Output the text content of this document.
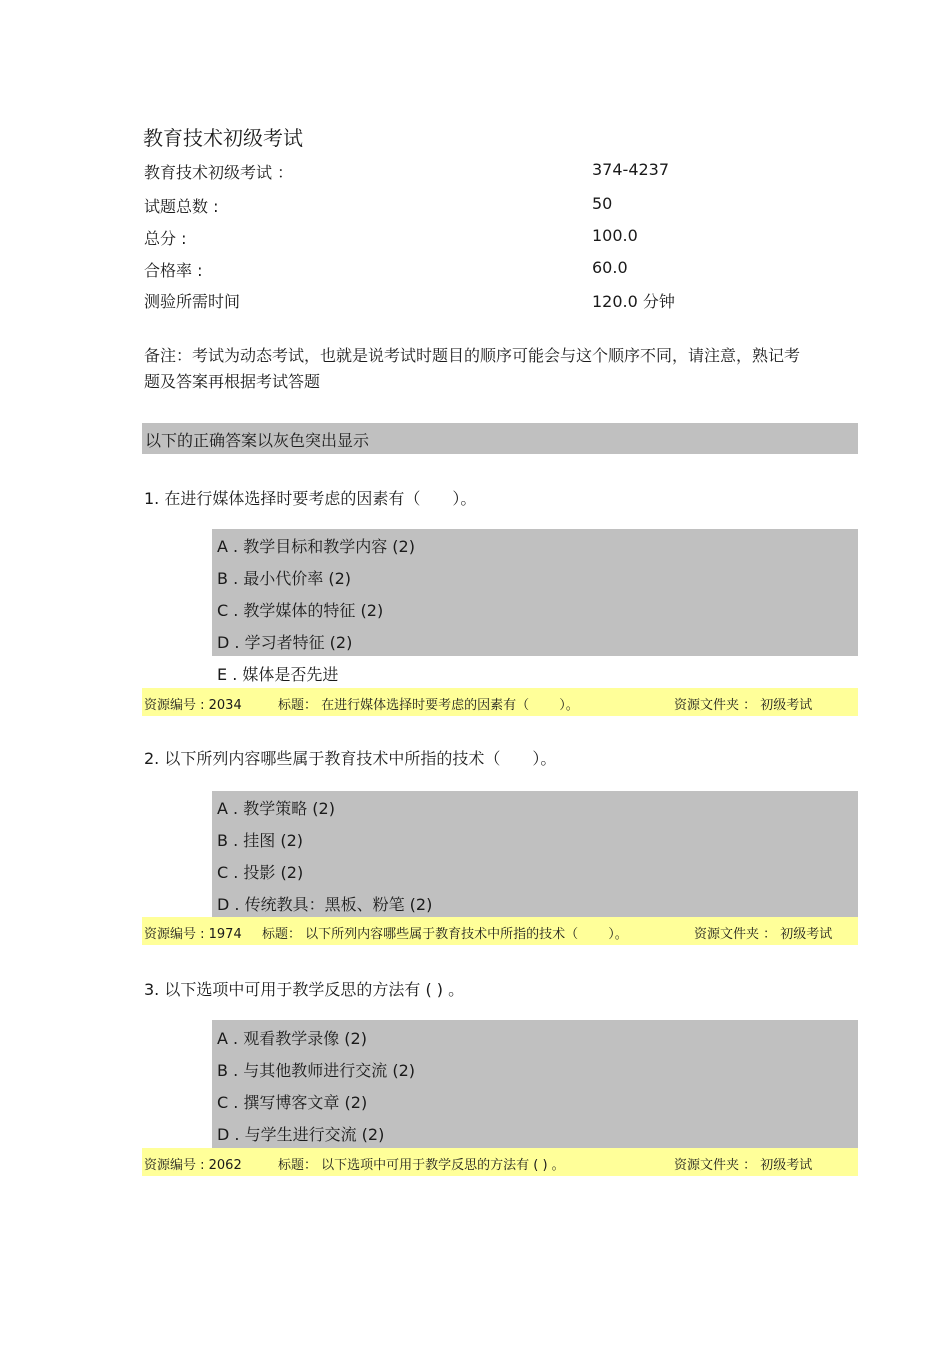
教育技术初级考试
教育技术初级考试 ：	374-4237
试题总数 :	50
总分 :	100.0
合格率 :	60.0
测验所需时间	120.0 分钟
备注：考试为动态考试，也就是说考试时题目的顺序可能会与这个顺序不同，请注意，熟记考题及答案再根据考试答题
以下的正确答案以灰色突出显示
1. 在进行媒体选择时要考虑的因素有（　　）。
A . 教学目标和教学内容 (2)
B . 最小代价率 (2)
C . 教学媒体的特征 (2)
D . 学习者特征 (2)
E . 媒体是否先进
资源编号 : 2034	标题： 在进行媒体选择时要考虑的因素有（　　 ）。	资源文件夹 ： 初级考试
2. 以下所列内容哪些属于教育技术中所指的技术（　　）。
A . 教学策略 (2)
B . 挂图 (2)
C . 投影 (2)
D . 传统教具：黑板、粉笔 (2)
资源编号 : 1974 标题： 以下所列内容哪些属于教育技术中所指的技术（　　 ）。	资源文件夹 ： 初级考试
3. 以下选项中可用于教学反思的方法有 ( ) 。
A . 观看教学录像 (2)
B . 与其他教师进行交流 (2)
C . 撰写博客文章 (2)
D . 与学生进行交流 (2)
资源编号 : 2062	标题： 以下选项中可用于教学反思的方法有 ( ) 。	资源文件夹 ： 初级考试
